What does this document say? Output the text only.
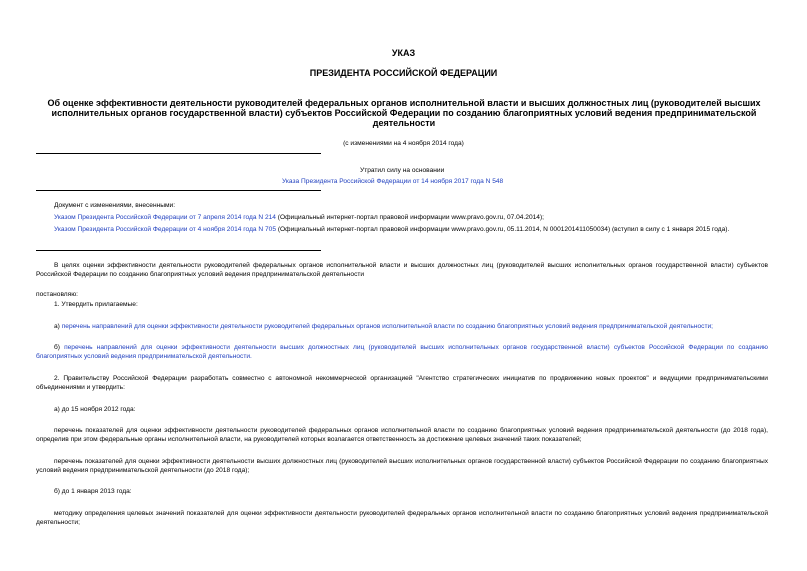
УКАЗ
ПРЕЗИДЕНТА РОССИЙСКОЙ ФЕДЕРАЦИИ
Об оценке эффективности деятельности руководителей федеральных органов исполнительной власти и высших должностных лиц (руководителей высших исполнительных органов государственной власти) субъектов Российской Федерации по созданию благоприятных условий ведения предпринимательской деятельности
(с изменениями на 4 ноября 2014 года)
Утратил силу на основании
Указа Президента Российской Федерации от 14 ноября 2017 года N 548
Документ с изменениями, внесенными:
Указом Президента Российской Федерации от 7 апреля 2014 года N 214 (Официальный интернет-портал правовой информации www.pravo.gov.ru, 07.04.2014);
Указом Президента Российской Федерации от 4 ноября 2014 года N 705 (Официальный интернет-портал правовой информации www.pravo.gov.ru, 05.11.2014, N 0001201411050034) (вступил в силу с 1 января 2015 года).
В целях оценки эффективности деятельности руководителей федеральных органов исполнительной власти и высших должностных лиц (руководителей высших исполнительных органов государственной власти) субъектов Российской Федерации по созданию благоприятных условий ведения предпринимательской деятельности
постановляю:
1. Утвердить прилагаемые:
а) перечень направлений для оценки эффективности деятельности руководителей федеральных органов исполнительной власти по созданию благоприятных условий ведения предпринимательской деятельности;
б) перечень направлений для оценки эффективности деятельности высших должностных лиц (руководителей высших исполнительных органов государственной власти) субъектов Российской Федерации по созданию благоприятных условий ведения предпринимательской деятельности.
2. Правительству Российской Федерации разработать совместно с автономной некоммерческой организацией "Агентство стратегических инициатив по продвижению новых проектов" и ведущими предпринимательскими объединениями и утвердить:
а) до 15 ноября 2012 года:
перечень показателей для оценки эффективности деятельности руководителей федеральных органов исполнительной власти по созданию благоприятных условий ведения предпринимательской деятельности (до 2018 года), определив при этом федеральные органы исполнительной власти, на руководителей которых возлагается ответственность за достижение целевых значений таких показателей;
перечень показателей для оценки эффективности деятельности высших должностных лиц (руководителей высших исполнительных органов государственной власти) субъектов Российской Федерации по созданию благоприятных условий ведения предпринимательской деятельности (до 2018 года);
б) до 1 января 2013 года:
методику определения целевых значений показателей для оценки эффективности деятельности руководителей федеральных органов исполнительной власти по созданию благоприятных условий ведения предпринимательской деятельности;
